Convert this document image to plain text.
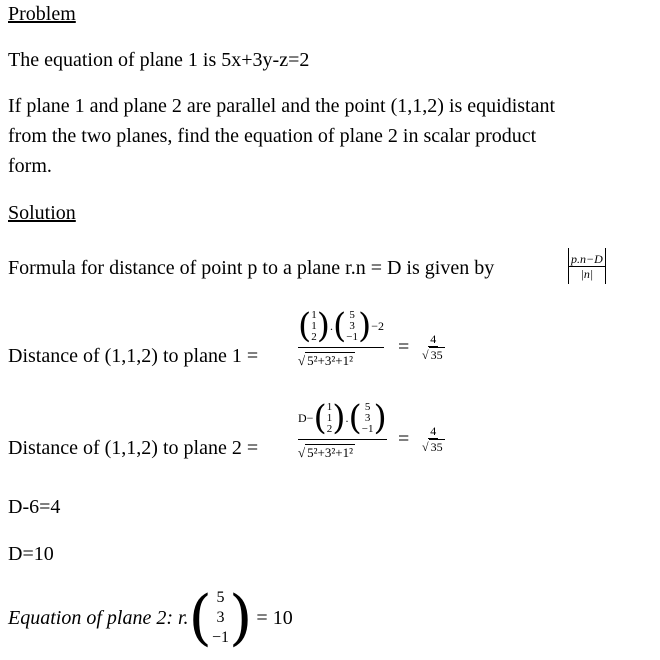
Problem
The equation of plane 1 is 5x+3y-z=2
If plane 1 and plane 2 are parallel and the point (1,1,2) is equidistant
from the two planes, find the equation of plane 2 in scalar product
form.
Solution
Formula for distance of point p to a plane r.n = D is given by	$\frac{p.n-D}{|n|}$
Distance of (1,1,2) to plane 1 =
( 1
1
2 ) . ( 5
3
−1 ) −2
√ 5²+3²+1²
= $\frac{4}{√ 35}$
Distance of (1,1,2) to plane 2 =
D− ( 1
1
2 ) . ( 5
3
−1 )
√ 5²+3²+1²
= $\frac{4}{√ 35}$
D-6=4
D=10
Equation of plane 2: r. ( 5
3
−1 ) = 10
